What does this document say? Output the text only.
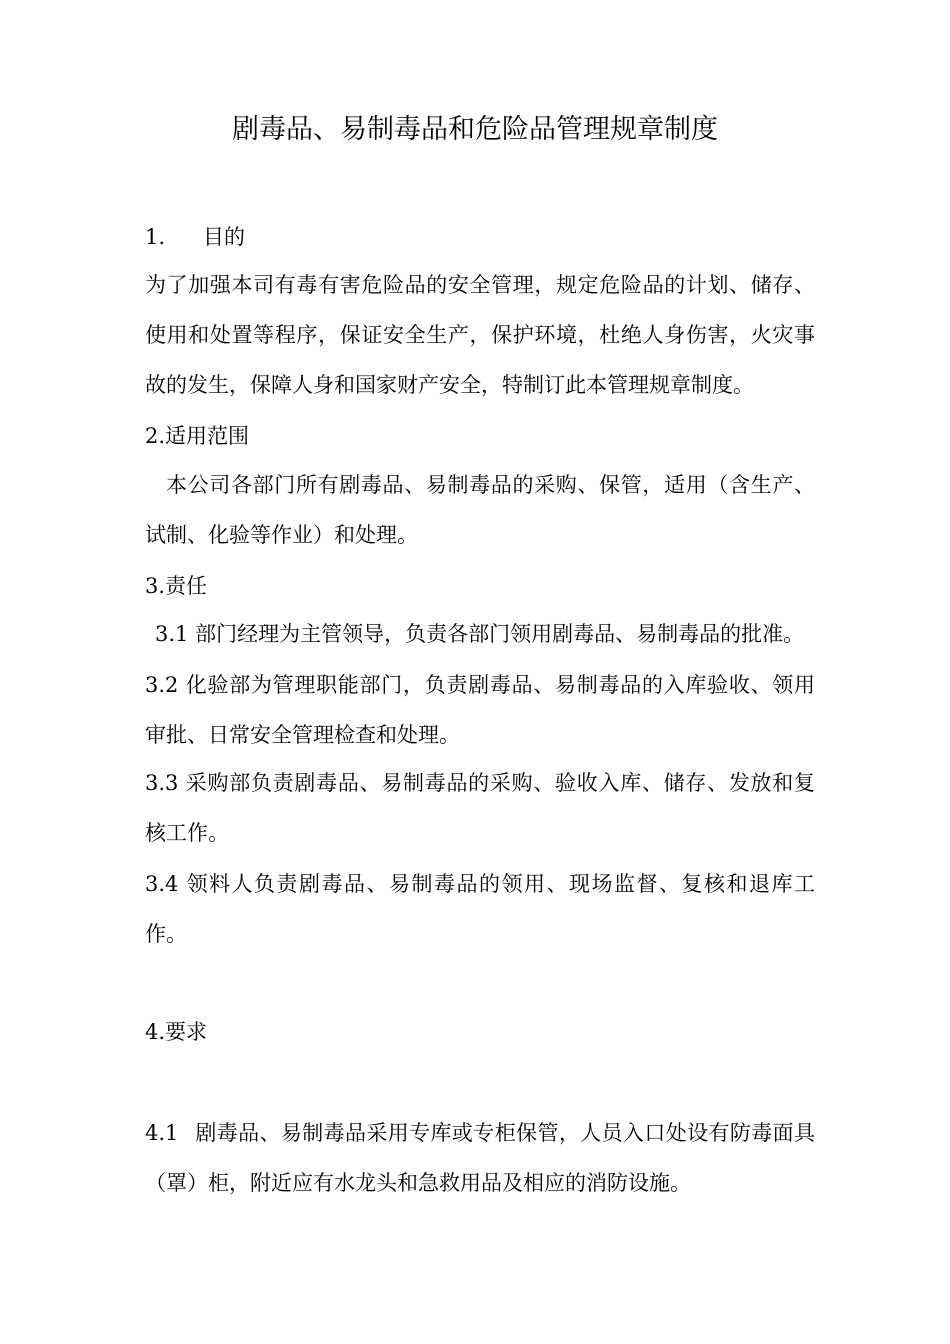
剧毒品、易制毒品和危险品管理规章制度
1. 目的
为了加强本司有毒有害危险品的安全管理，规定危险品的计划、储存、使用和处置等程序，保证安全生产，保护环境，杜绝人身伤害，火灾事故的发生，保障人身和国家财产安全，特制订此本管理规章制度。
2.适用范围
本公司各部门所有剧毒品、易制毒品的采购、保管，适用（含生产、试制、化验等作业）和处理。
3.责任
3.1 部门经理为主管领导，负责各部门领用剧毒品、易制毒品的批准。
3.2 化验部为管理职能部门，负责剧毒品、易制毒品的入库验收、领用审批、日常安全管理检查和处理。
3.3 采购部负责剧毒品、易制毒品的采购、验收入库、储存、发放和复核工作。
3.4 领料人负责剧毒品、易制毒品的领用、现场监督、复核和退库工作。
4.要求
4.1 剧毒品、易制毒品采用专库或专柜保管，人员入口处设有防毒面具（罩）柜，附近应有水龙头和急救用品及相应的消防设施。
